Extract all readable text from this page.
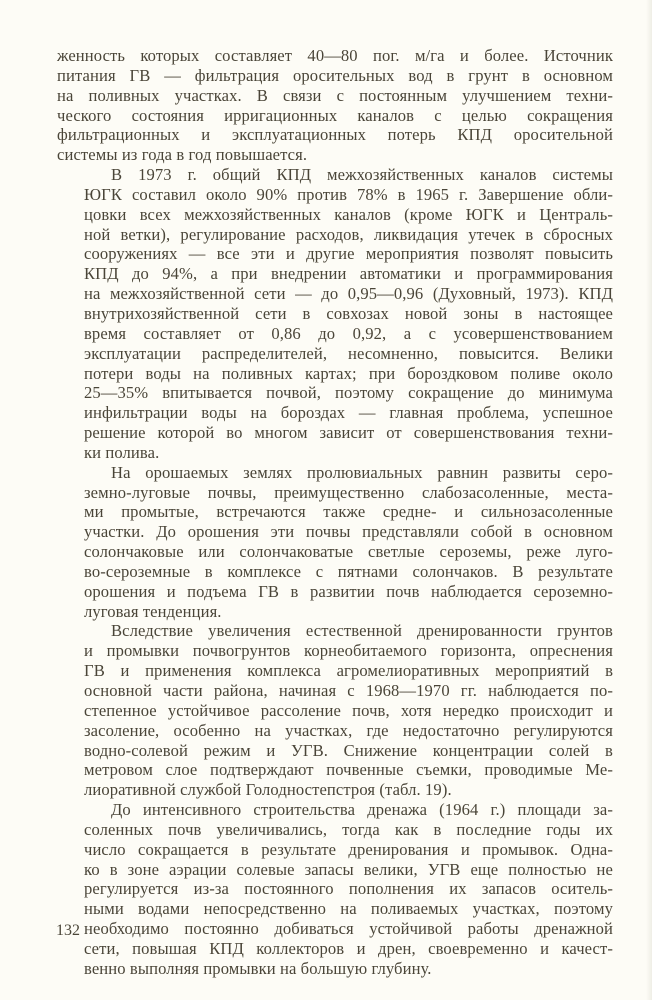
женность которых составляет 40—80 пог. м/га и более. Источник
питания ГВ — фильтрация оросительных вод в грунт в основном
на поливных участках. В связи с постоянным улучшением техни-
ческого состояния ирригационных каналов с целью сокращения
фильтрационных и эксплуатационных потерь КПД оросительной
системы из года в год повышается.

В 1973 г. общий КПД межхозяйственных каналов системы
ЮГК составил около 90% против 78% в 1965 г. Завершение обли-
цовки всех межхозяйственных каналов (кроме ЮГК и Централь-
ной ветки), регулирование расходов, ликвидация утечек в сбросных
сооружениях — все эти и другие мероприятия позволят повысить
КПД до 94%, а при внедрении автоматики и программирования
на межхозяйственной сети — до 0,95—0,96 (Духовный, 1973). КПД
внутрихозяйственной сети в совхозах новой зоны в настоящее
время составляет от 0,86 до 0,92, а с усовершенствованием
эксплуатации распределителей, несомненно, повысится. Велики
потери воды на поливных картах; при бороздковом поливе около
25—35% впитывается почвой, поэтому сокращение до минимума
инфильтрации воды на бороздах — главная проблема, успешное
решение которой во многом зависит от совершенствования техни-
ки полива.

На орошаемых землях пролювиальных равнин развиты серо-
земно-луговые почвы, преимущественно слабозасоленные, места-
ми промытые, встречаются также средне- и сильнозасоленные
участки. До орошения эти почвы представляли собой в основном
солончаковые или солончаковатые светлые сероземы, реже луго-
во-сероземные в комплексе с пятнами солончаков. В результате
орошения и подъема ГВ в развитии почв наблюдается сероземно-
луговая тенденция.

Вследствие увеличения естественной дренированности грунтов
и промывки почвогрунтов корнеобитаемого горизонта, опреснения
ГВ и применения комплекса агромелиоративных мероприятий в
основной части района, начиная с 1968—1970 гг. наблюдается по-
степенное устойчивое рассоление почв, хотя нередко происходит и
засоление, особенно на участках, где недостаточно регулируются
водно-солевой режим и УГВ. Снижение концентрации солей в
метровом слое подтверждают почвенные съемки, проводимые Ме-
лиоративной службой Голодностепстроя (табл. 19).

До интенсивного строительства дренажа (1964 г.) площади за-
соленных почв увеличивались, тогда как в последние годы их
число сокращается в результате дренирования и промывок. Одна-
ко в зоне аэрации солевые запасы велики, УГВ еще полностью не
регулируется из-за постоянного пополнения их запасов оситель-
ными водами непосредственно на поливаемых участках, поэтому
необходимо постоянно добиваться устойчивой работы дренажной
сети, повышая КПД коллекторов и дрен, своевременно и качест-
венно выполняя промывки на большую глубину.

132
